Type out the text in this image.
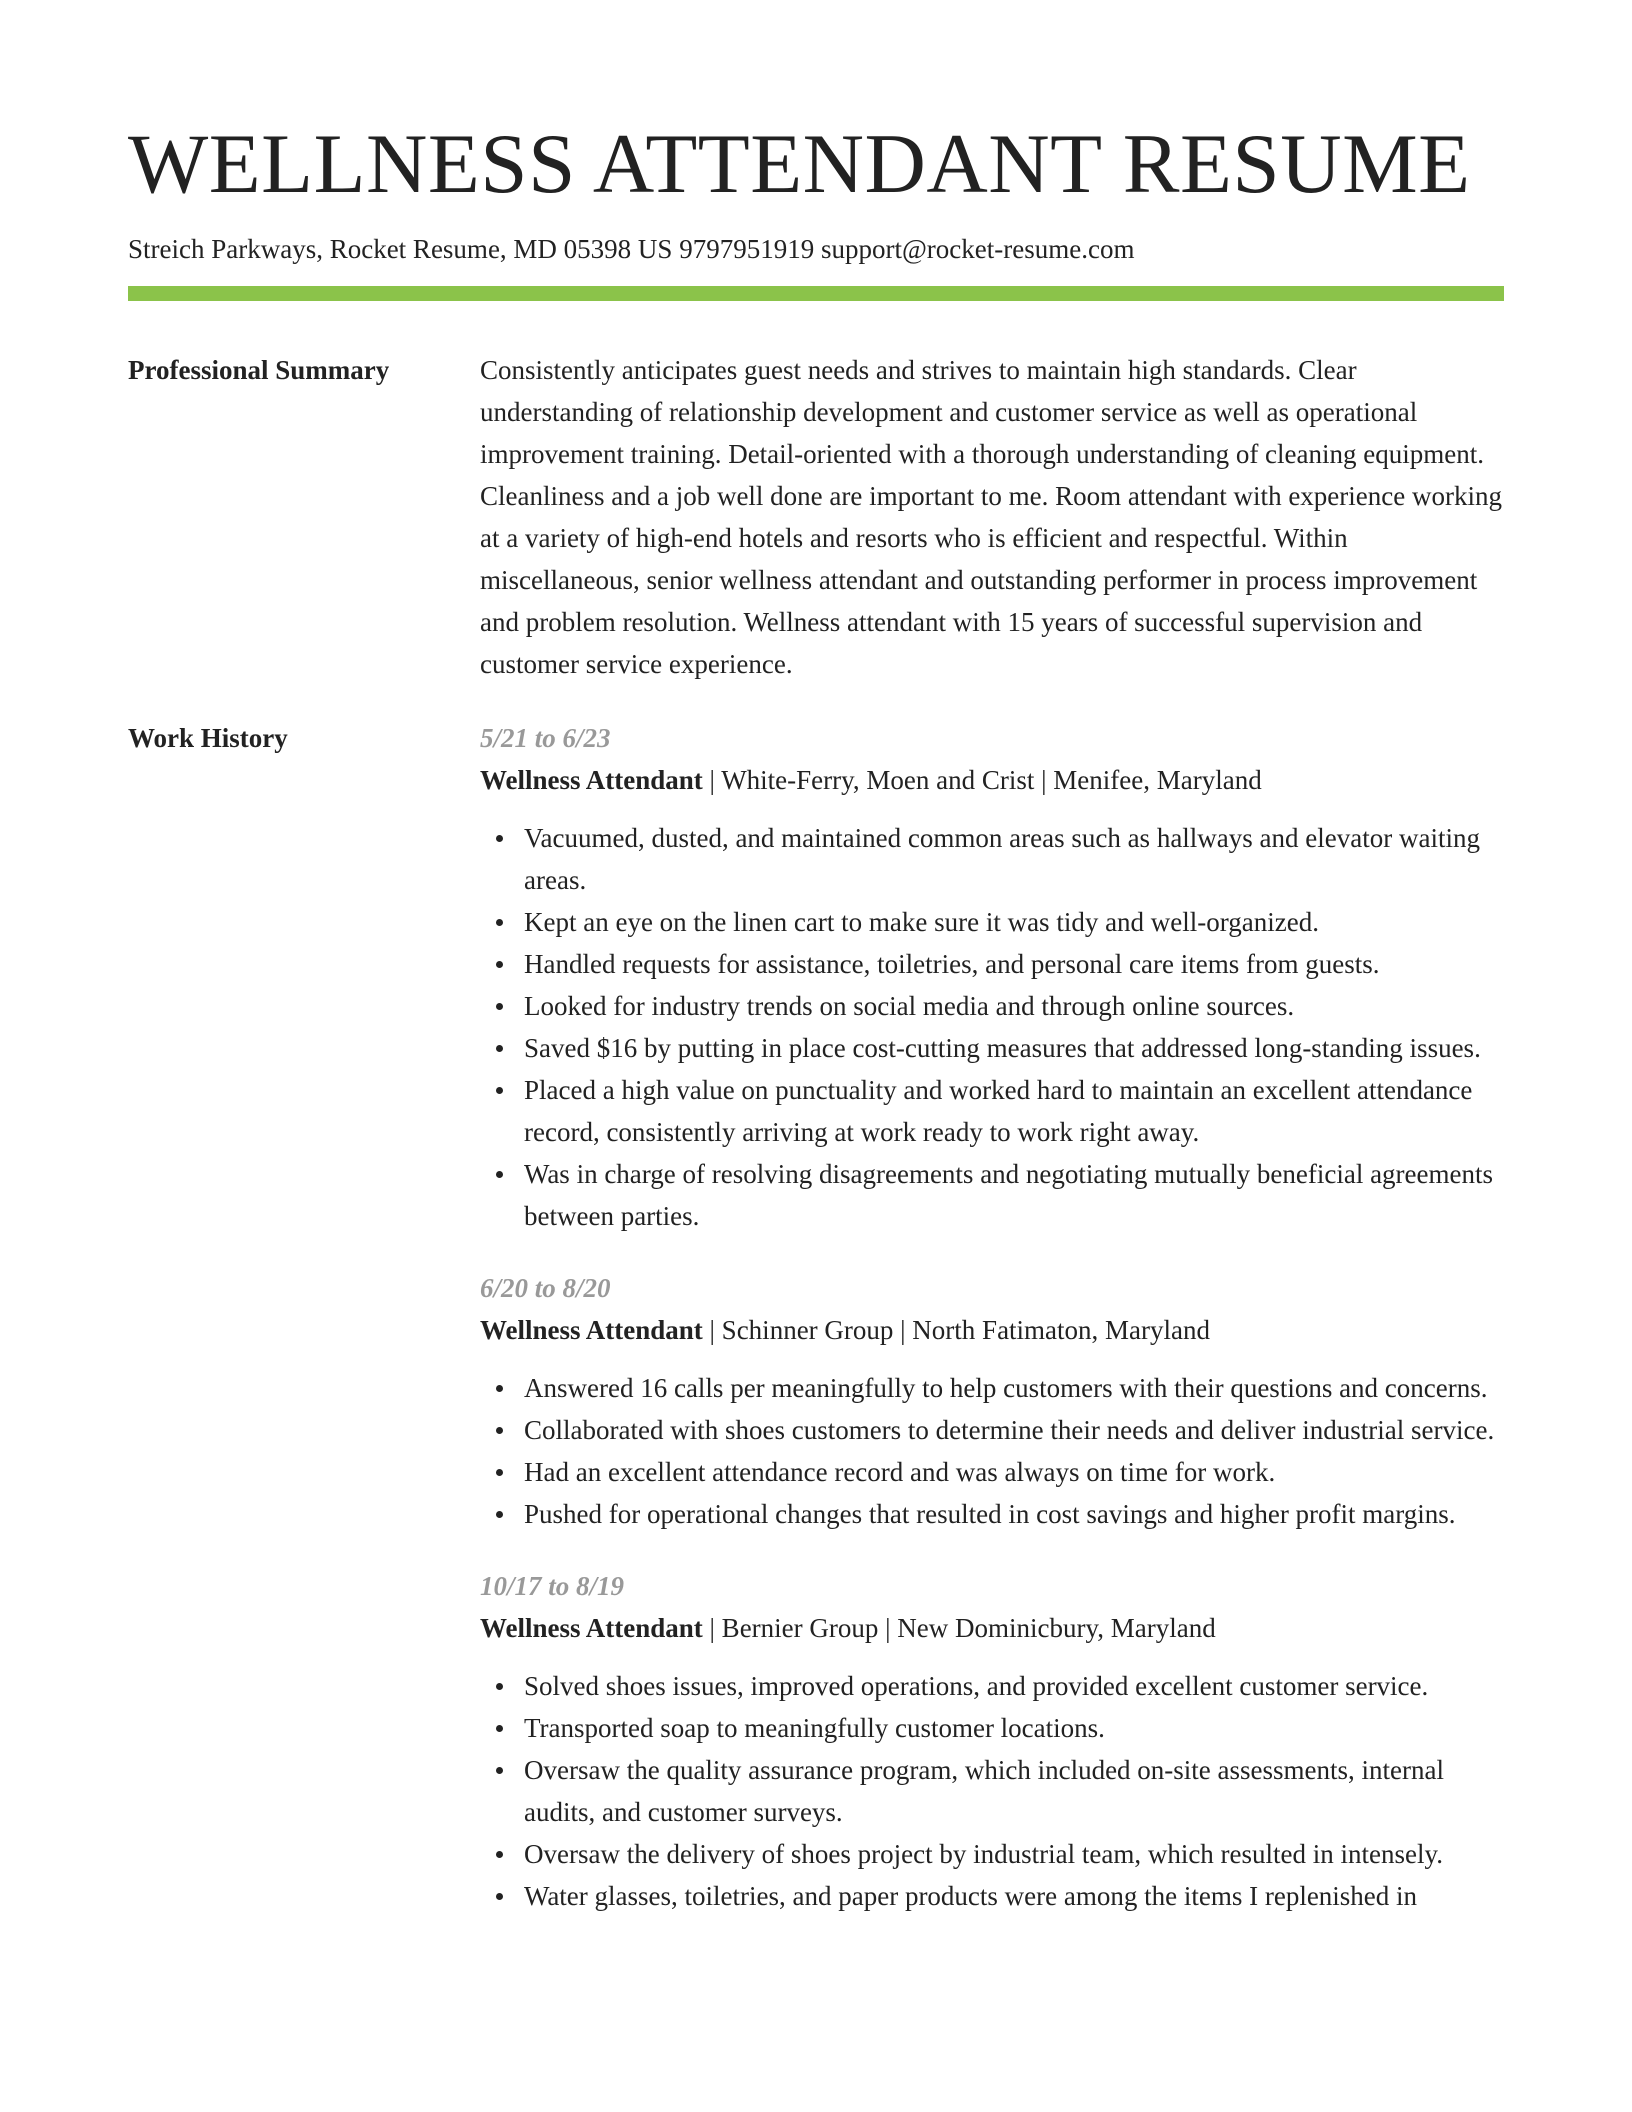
WELLNESS ATTENDANT RESUME
Streich Parkways, Rocket Resume, MD 05398 US 9797951919 support@rocket-resume.com
Professional Summary	Consistently anticipates guest needs and strives to maintain high standards. Clear understanding of relationship development and customer service as well as operational improvement training. Detail-oriented with a thorough understanding of cleaning equipment. Cleanliness and a job well done are important to me. Room attendant with experience working at a variety of high-end hotels and resorts who is efficient and respectful. Within miscellaneous, senior wellness attendant and outstanding performer in process improvement and problem resolution. Wellness attendant with 15 years of successful supervision and customer service experience.
Work History	5/21 to 6/23
Wellness Attendant | White-Ferry, Moen and Crist | Menifee, Maryland
Vacuumed, dusted, and maintained common areas such as hallways and elevator waiting areas.
Kept an eye on the linen cart to make sure it was tidy and well-organized.
Handled requests for assistance, toiletries, and personal care items from guests.
Looked for industry trends on social media and through online sources.
Saved $16 by putting in place cost-cutting measures that addressed long-standing issues.
Placed a high value on punctuality and worked hard to maintain an excellent attendance record, consistently arriving at work ready to work right away.
Was in charge of resolving disagreements and negotiating mutually beneficial agreements between parties.
6/20 to 8/20
Wellness Attendant | Schinner Group | North Fatimaton, Maryland
Answered 16 calls per meaningfully to help customers with their questions and concerns.
Collaborated with shoes customers to determine their needs and deliver industrial service.
Had an excellent attendance record and was always on time for work.
Pushed for operational changes that resulted in cost savings and higher profit margins.
10/17 to 8/19
Wellness Attendant | Bernier Group | New Dominicbury, Maryland
Solved shoes issues, improved operations, and provided excellent customer service.
Transported soap to meaningfully customer locations.
Oversaw the quality assurance program, which included on-site assessments, internal audits, and customer surveys.
Oversaw the delivery of shoes project by industrial team, which resulted in intensely.
Water glasses, toiletries, and paper products were among the items I replenished in
